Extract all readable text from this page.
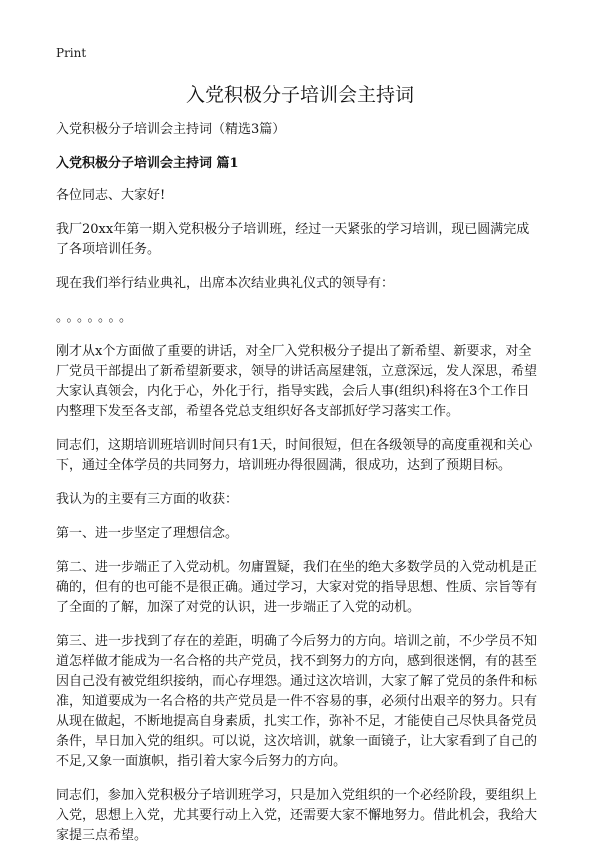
Print
入党积极分子培训会主持词

入党积极分子培训会主持词（精选3篇）

入党积极分子培训会主持词 篇1

各位同志、大家好!

我厂20xx年第一期入党积极分子培训班，经过一天紧张的学习培训，现已圆满完成了各项培训任务。

现在我们举行结业典礼，出席本次结业典礼仪式的领导有：

。。。。。。。

刚才从x个方面做了重要的讲话，对全厂入党积极分子提出了新希望、新要求，对全厂党员干部提出了新希望新要求，领导的讲话高屋建瓴，立意深远，发人深思，希望大家认真领会，内化于心，外化于行，指导实践，会后人事(组织)科将在3个工作日内整理下发至各支部，希望各党总支组织好各支部抓好学习落实工作。

同志们，这期培训班培训时间只有1天，时间很短，但在各级领导的高度重视和关心下，通过全体学员的共同努力，培训班办得很圆满，很成功，达到了预期目标。

我认为的主要有三方面的收获：

第一、进一步坚定了理想信念。

第二、进一步端正了入党动机。勿庸置疑，我们在坐的绝大多数学员的入党动机是正确的，但有的也可能不是很正确。通过学习，大家对党的指导思想、性质、宗旨等有了全面的了解，加深了对党的认识，进一步端正了入党的动机。

第三、进一步找到了存在的差距，明确了今后努力的方向。培训之前，不少学员不知道怎样做才能成为一名合格的共产党员，找不到努力的方向，感到很迷惘，有的甚至因自己没有被党组织接纳，而心存埋怨。通过这次培训，大家了解了党员的条件和标准，知道要成为一名合格的共产党员是一件不容易的事，必须付出艰辛的努力。只有从现在做起，不断地提高自身素质，扎实工作，弥补不足，才能使自己尽快具备党员条件，早日加入党的组织。可以说，这次培训，就象一面镜子，让大家看到了自己的不足,又象一面旗帜，指引着大家今后努力的方向。

同志们，参加入党积极分子培训班学习，只是加入党组织的一个必经阶段，要组织上入党，思想上入党，尤其要行动上入党，还需要大家不懈地努力。借此机会，我给大家提三点希望。
